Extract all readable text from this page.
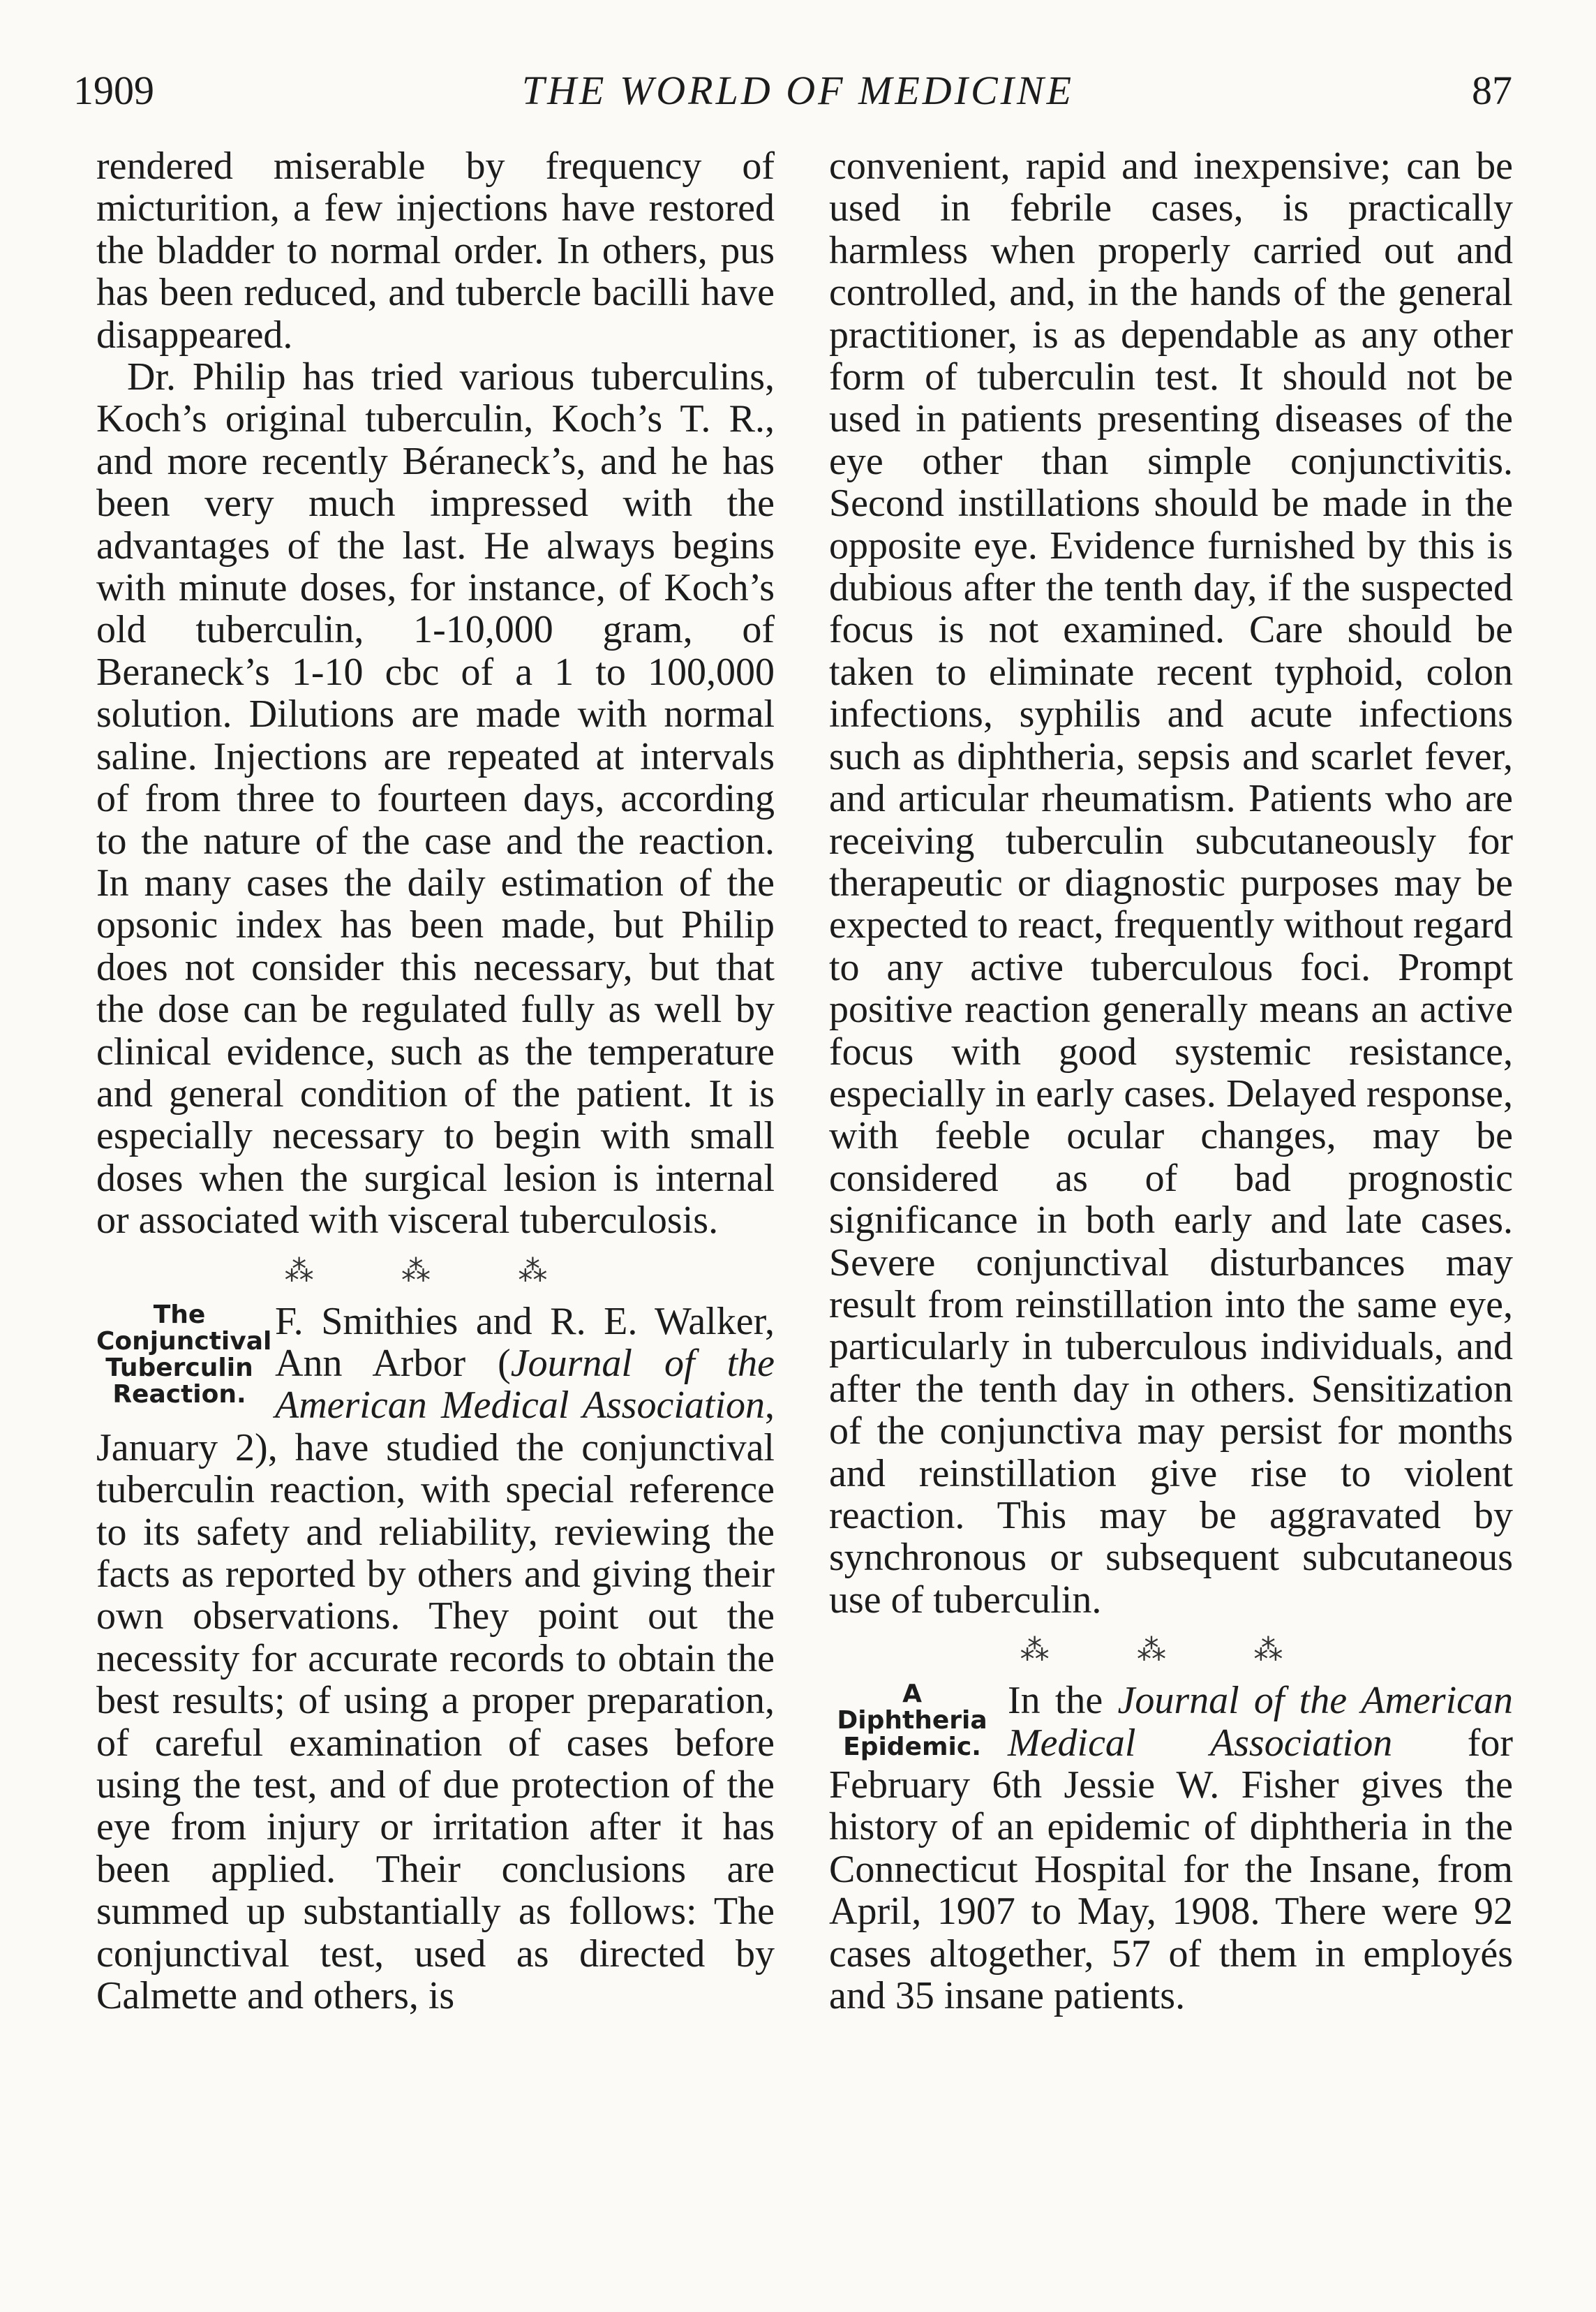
1909	THE WORLD OF MEDICINE	87

rendered miserable by frequency of micturition, a few injections have restored the bladder to normal order. In others, pus has been reduced, and tubercle bacilli have disappeared.

Dr. Philip has tried various tuberculins, Koch’s original tuberculin, Koch’s T. R., and more recently Béraneck’s, and he has been very much impressed with the advantages of the last. He always begins with minute doses, for instance, of Koch’s old tuberculin, 1-10,000 gram, of Beraneck’s 1-10 cbc of a 1 to 100,000 solution. Dilutions are made with normal saline. Injections are repeated at intervals of from three to fourteen days, according to the nature of the case and the reaction. In many cases the daily estimation of the opsonic index has been made, but Philip does not consider this necessary, but that the dose can be regulated fully as well by clinical evidence, such as the temperature and general condition of the patient. It is especially necessary to begin with small doses when the surgical lesion is internal or associated with visceral tuberculosis.

⁂ ⁂ ⁂
The
Conjunctival
Tuberculin
Reaction.

F. Smithies and R. E. Walker, Ann Arbor (Journal of the American Medical Association, January 2), have studied the conjunctival tuberculin reaction, with special reference to its safety and reliability, reviewing the facts as reported by others and giving their own observations. They point out the necessity for accurate records to obtain the best results; of using a proper preparation, of careful examination of cases before using the test, and of due protection of the eye from injury or irritation after it has been applied. Their conclusions are summed up substantially as follows: The conjunctival test, used as directed by Calmette and others, is

convenient, rapid and inexpensive; can be used in febrile cases, is practically harmless when properly carried out and controlled, and, in the hands of the general practitioner, is as dependable as any other form of tuberculin test. It should not be used in patients presenting diseases of the eye other than simple conjunctivitis. Second instillations should be made in the opposite eye. Evidence furnished by this is dubious after the tenth day, if the suspected focus is not examined. Care should be taken to eliminate recent typhoid, colon infections, syphilis and acute infections such as diphtheria, sepsis and scarlet fever, and articular rheumatism. Patients who are receiving tuberculin subcutaneously for therapeutic or diagnostic purposes may be expected to react, frequently without regard to any active tuberculous foci. Prompt positive reaction generally means an active focus with good systemic resistance, especially in early cases. Delayed response, with feeble ocular changes, may be considered as of bad prognostic significance in both early and late cases. Severe conjunctival disturbances may result from reinstillation into the same eye, particularly in tuberculous individuals, and after the tenth day in others. Sensitization of the conjunctiva may persist for months and reinstillation give rise to violent reaction. This may be aggravated by synchronous or subsequent subcutaneous use of tuberculin.

⁂ ⁂ ⁂
A
Diphtheria
Epidemic.

In the Journal of the American Medical Association for February 6th Jessie W. Fisher gives the history of an epidemic of diphtheria in the Connecticut Hospital for the Insane, from April, 1907 to May, 1908. There were 92 cases altogether, 57 of them in employés and 35 insane patients.
